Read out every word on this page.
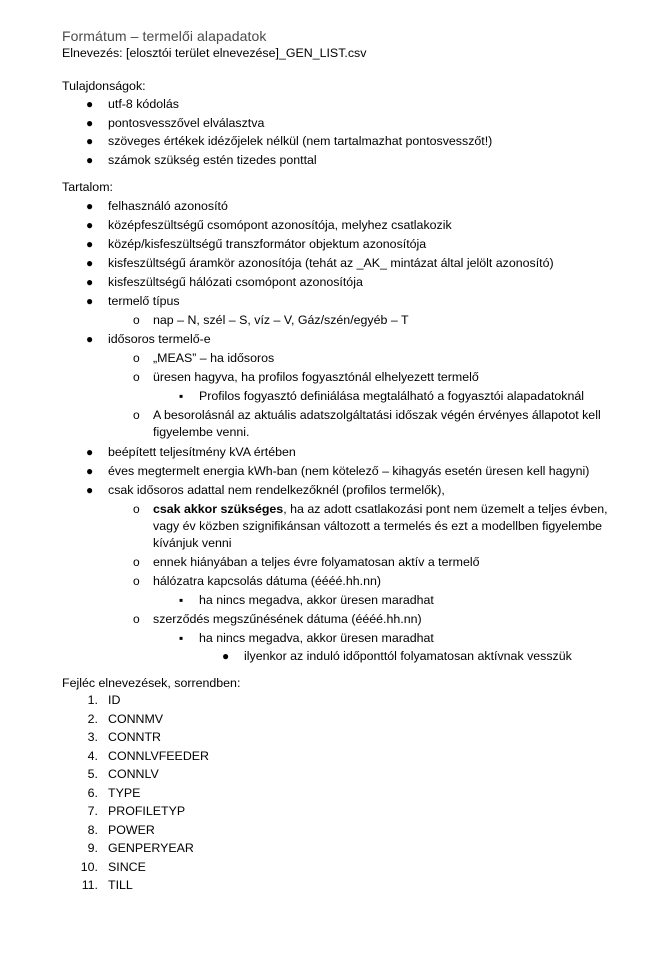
Formátum – termelői alapadatok
Elnevezés: [elosztói terület elnevezése]_GEN_LIST.csv
Tulajdonságok:
● utf-8 kódolás
● pontosvesszővel elválasztva
● szöveges értékek idézőjelek nélkül (nem tartalmazhat pontosvesszőt!)
● számok szükség estén tizedes ponttal
Tartalom:
● felhasználó azonosító
● középfeszültségű csomópont azonosítója, melyhez csatlakozik
● közép/kisfeszültségű transzformátor objektum azonosítója
● kisfeszültségű áramkör azonosítója (tehát az _AK_ mintázat által jelölt azonosító)
● kisfeszültségű hálózati csomópont azonosítója
● termelő típus
o nap – N, szél – S, víz – V, Gáz/szén/egyéb – T
● idősoros termelő-e
o „MEAS” – ha idősoros
o üresen hagyva, ha profilos fogyasztónál elhelyezett termelő
▪ Profilos fogyasztó definiálása megtalálható a fogyasztói alapadatoknál
o A besorolásnál az aktuális adatszolgáltatási időszak végén érvényes állapotot kell
figyelembe venni.
● beépített teljesítmény kVA értében
● éves megtermelt energia kWh-ban (nem kötelező – kihagyás esetén üresen kell hagyni)
● csak idősoros adattal nem rendelkezőknél (profilos termelők),
o csak akkor szükséges, ha az adott csatlakozási pont nem üzemelt a teljes évben,
vagy év közben szignifikánsan változott a termelés és ezt a modellben figyelembe
kívánjuk venni
o ennek hiányában a teljes évre folyamatosan aktív a termelő
o hálózatra kapcsolás dátuma (éééé.hh.nn)
▪ ha nincs megadva, akkor üresen maradhat
o szerződés megszűnésének dátuma (éééé.hh.nn)
▪ ha nincs megadva, akkor üresen maradhat
● ilyenkor az induló időponttól folyamatosan aktívnak vesszük
Fejléc elnevezések, sorrendben:
1. ID
2. CONNMV
3. CONNTR
4. CONNLVFEEDER
5. CONNLV
6. TYPE
7. PROFILETYP
8. POWER
9. GENPERYEAR
10. SINCE
11. TILL
